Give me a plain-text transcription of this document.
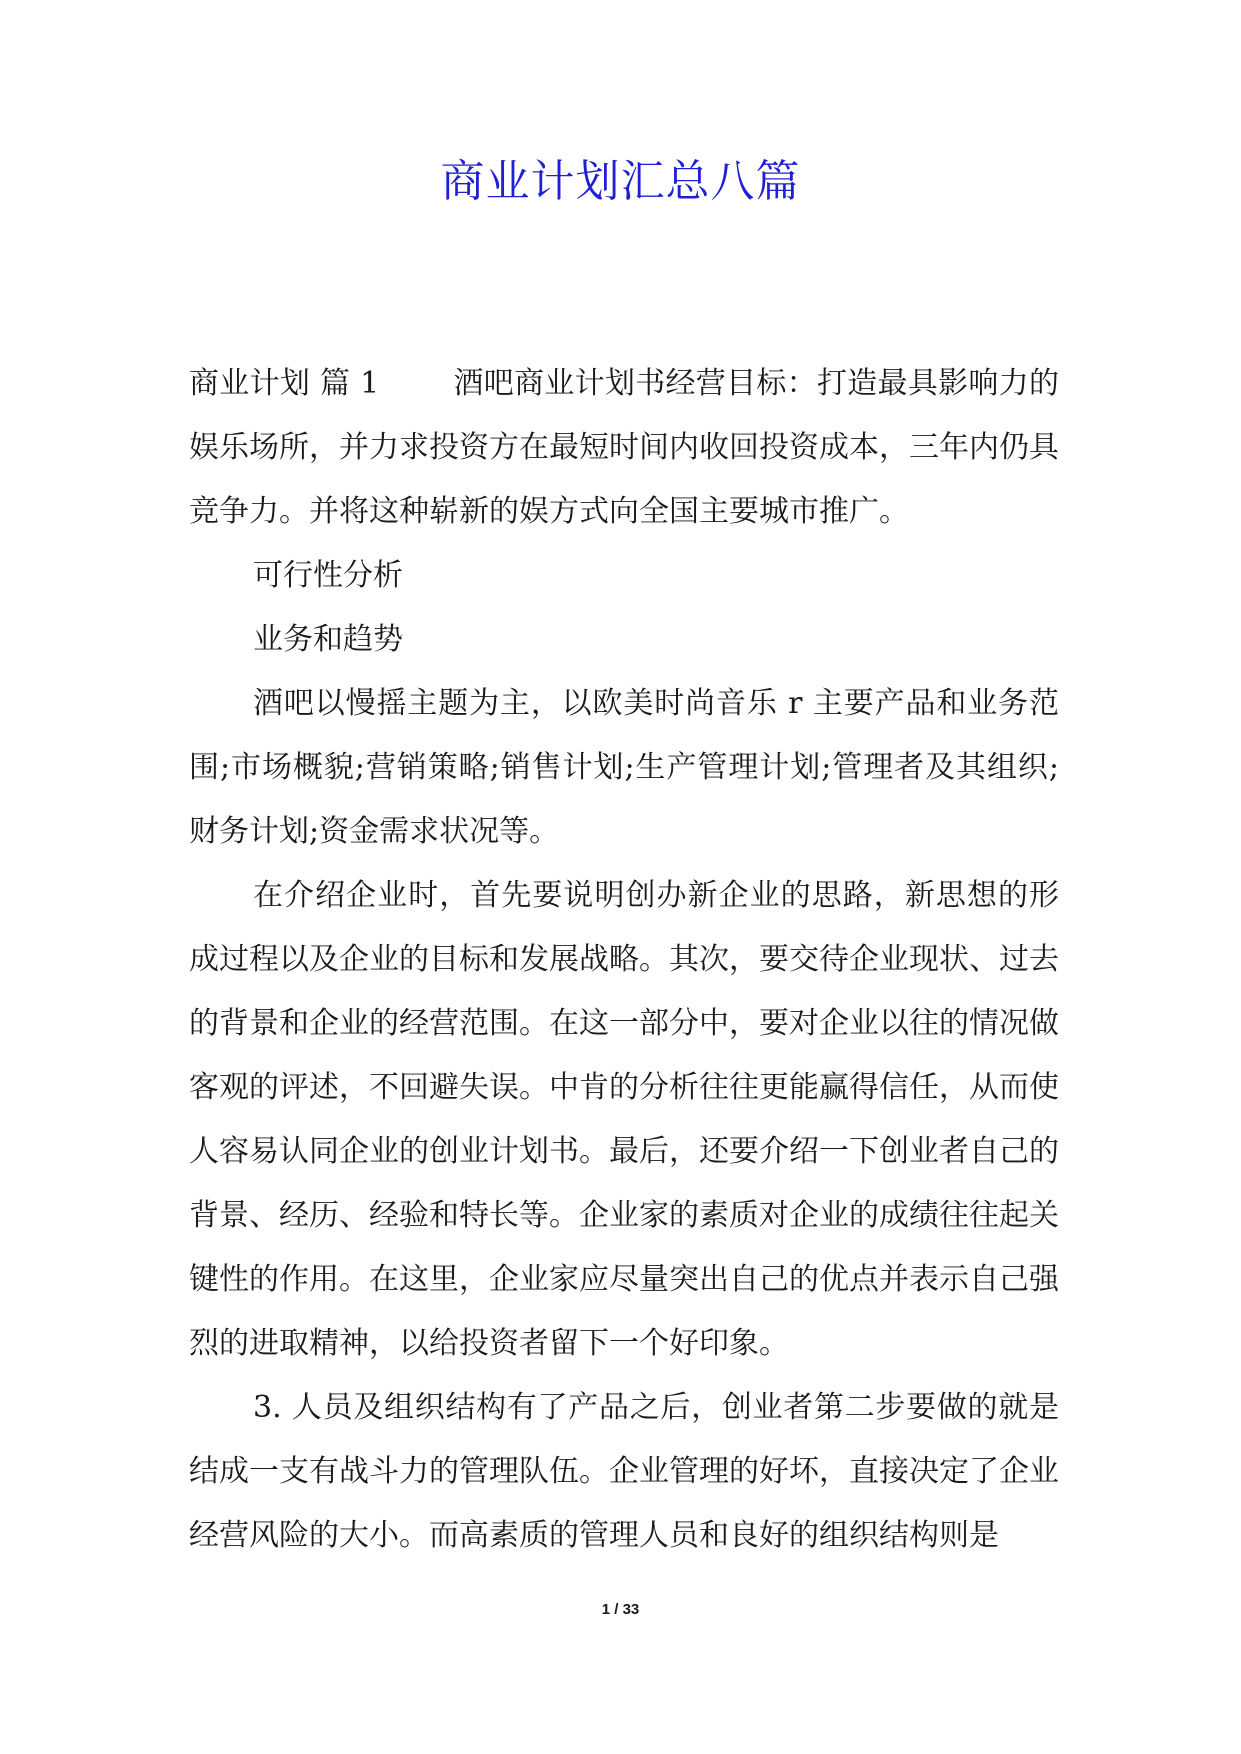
商业计划汇总八篇

商业计划 篇 1 酒吧商业计划书经营目标：打造最具影响力的娱乐场所，并力求投资方在最短时间内收回投资成本，三年内仍具竞争力。并将这种崭新的娱方式向全国主要城市推广。

可行性分析

业务和趋势

酒吧以慢摇主题为主，以欧美时尚音乐 r 主要产品和业务范围;市场概貌;营销策略;销售计划;生产管理计划;管理者及其组织;财务计划;资金需求状况等。

在介绍企业时，首先要说明创办新企业的思路，新思想的形成过程以及企业的目标和发展战略。其次，要交待企业现状、过去的背景和企业的经营范围。在这一部分中，要对企业以往的情况做客观的评述，不回避失误。中肯的分析往往更能赢得信任，从而使人容易认同企业的创业计划书。最后，还要介绍一下创业者自己的背景、经历、经验和特长等。企业家的素质对企业的成绩往往起关键性的作用。在这里，企业家应尽量突出自己的优点并表示自己强烈的进取精神，以给投资者留下一个好印象。

3. 人员及组织结构有了产品之后，创业者第二步要做的就是结成一支有战斗力的管理队伍。企业管理的好坏，直接决定了企业经营风险的大小。而高素质的管理人员和良好的组织结构则是

1 / 33
